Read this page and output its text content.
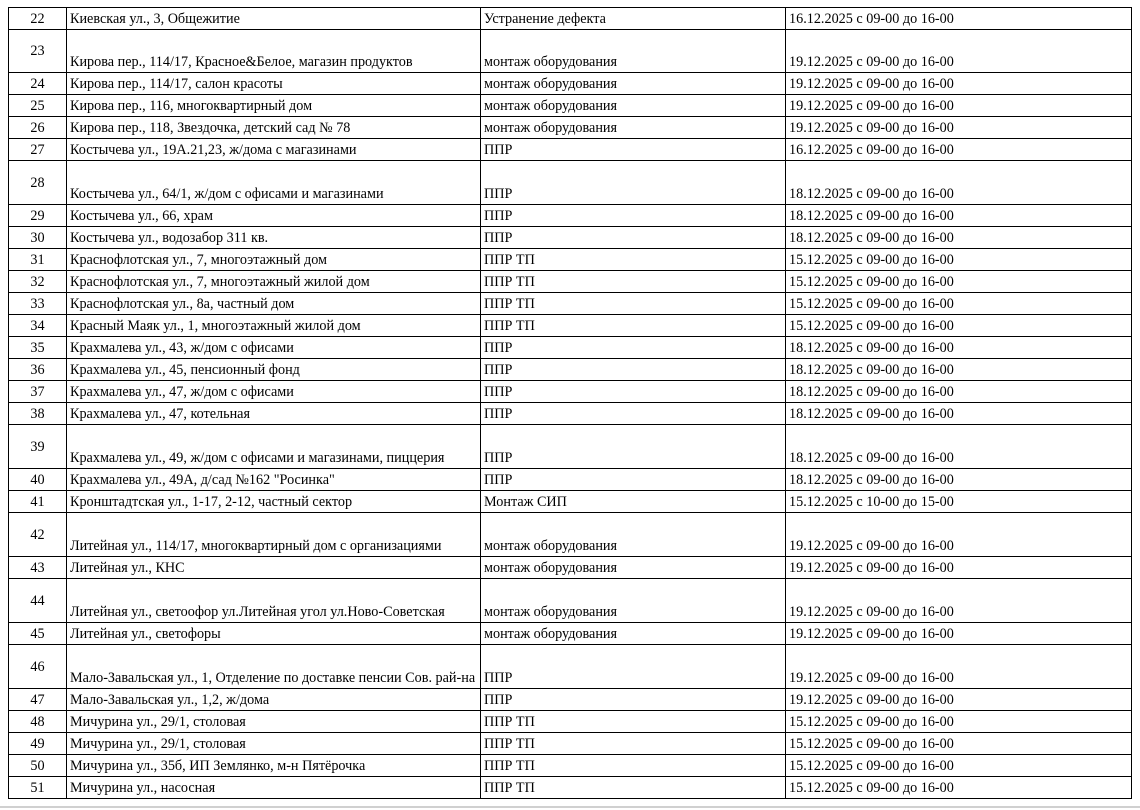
22	Киевская ул., 3, Общежитие	Устранение дефекта	16.12.2025 с 09-00 до 16-00
23	Кирова пер., 114/17, Красное&Белое, магазин продуктов	монтаж оборудования	19.12.2025 с 09-00 до 16-00
24	Кирова пер., 114/17, салон красоты	монтаж оборудования	19.12.2025 с 09-00 до 16-00
25	Кирова пер., 116, многоквартирный дом	монтаж оборудования	19.12.2025 с 09-00 до 16-00
26	Кирова пер., 118, Звездочка, детский сад № 78	монтаж оборудования	19.12.2025 с 09-00 до 16-00
27	Костычева ул., 19А.21,23, ж/дома с магазинами	ППР	16.12.2025 с 09-00 до 16-00
28	Костычева ул., 64/1, ж/дом с офисами и магазинами	ППР	18.12.2025 с 09-00 до 16-00
29	Костычева ул., 66, храм	ППР	18.12.2025 с 09-00 до 16-00
30	Костычева ул., водозабор 311 кв.	ППР	18.12.2025 с 09-00 до 16-00
31	Краснофлотская ул., 7, многоэтажный дом	ППР ТП	15.12.2025 с 09-00 до 16-00
32	Краснофлотская ул., 7, многоэтажный жилой дом	ППР ТП	15.12.2025 с 09-00 до 16-00
33	Краснофлотская ул., 8а, частный дом	ППР ТП	15.12.2025 с 09-00 до 16-00
34	Красный Маяк ул., 1, многоэтажный жилой дом	ППР ТП	15.12.2025 с 09-00 до 16-00
35	Крахмалева ул., 43, ж/дом с офисами	ППР	18.12.2025 с 09-00 до 16-00
36	Крахмалева ул., 45, пенсионный фонд	ППР	18.12.2025 с 09-00 до 16-00
37	Крахмалева ул., 47, ж/дом с офисами	ППР	18.12.2025 с 09-00 до 16-00
38	Крахмалева ул., 47, котельная	ППР	18.12.2025 с 09-00 до 16-00
39	Крахмалева ул., 49, ж/дом с офисами и магазинами, пиццерия	ППР	18.12.2025 с 09-00 до 16-00
40	Крахмалева ул., 49А, д/сад №162 "Росинка"	ППР	18.12.2025 с 09-00 до 16-00
41	Кронштадтская ул., 1-17, 2-12, частный сектор	Монтаж СИП	15.12.2025 с 10-00 до 15-00
42	Литейная ул., 114/17, многоквартирный дом с организациями	монтаж оборудования	19.12.2025 с 09-00 до 16-00
43	Литейная ул., КНС	монтаж оборудования	19.12.2025 с 09-00 до 16-00
44	Литейная ул., светоофор ул.Литейная угол ул.Ново-Советская	монтаж оборудования	19.12.2025 с 09-00 до 16-00
45	Литейная ул., светофоры	монтаж оборудования	19.12.2025 с 09-00 до 16-00
46	Мало-Завальская ул., 1, Отделение по доставке пенсии Сов. рай-на	ППР	19.12.2025 с 09-00 до 16-00
47	Мало-Завальская ул., 1,2, ж/дома	ППР	19.12.2025 с 09-00 до 16-00
48	Мичурина ул., 29/1, столовая	ППР ТП	15.12.2025 с 09-00 до 16-00
49	Мичурина ул., 29/1, столовая	ППР ТП	15.12.2025 с 09-00 до 16-00
50	Мичурина ул., 35б, ИП Землянко, м-н Пятёрочка	ППР ТП	15.12.2025 с 09-00 до 16-00
51	Мичурина ул., насосная	ППР ТП	15.12.2025 с 09-00 до 16-00
